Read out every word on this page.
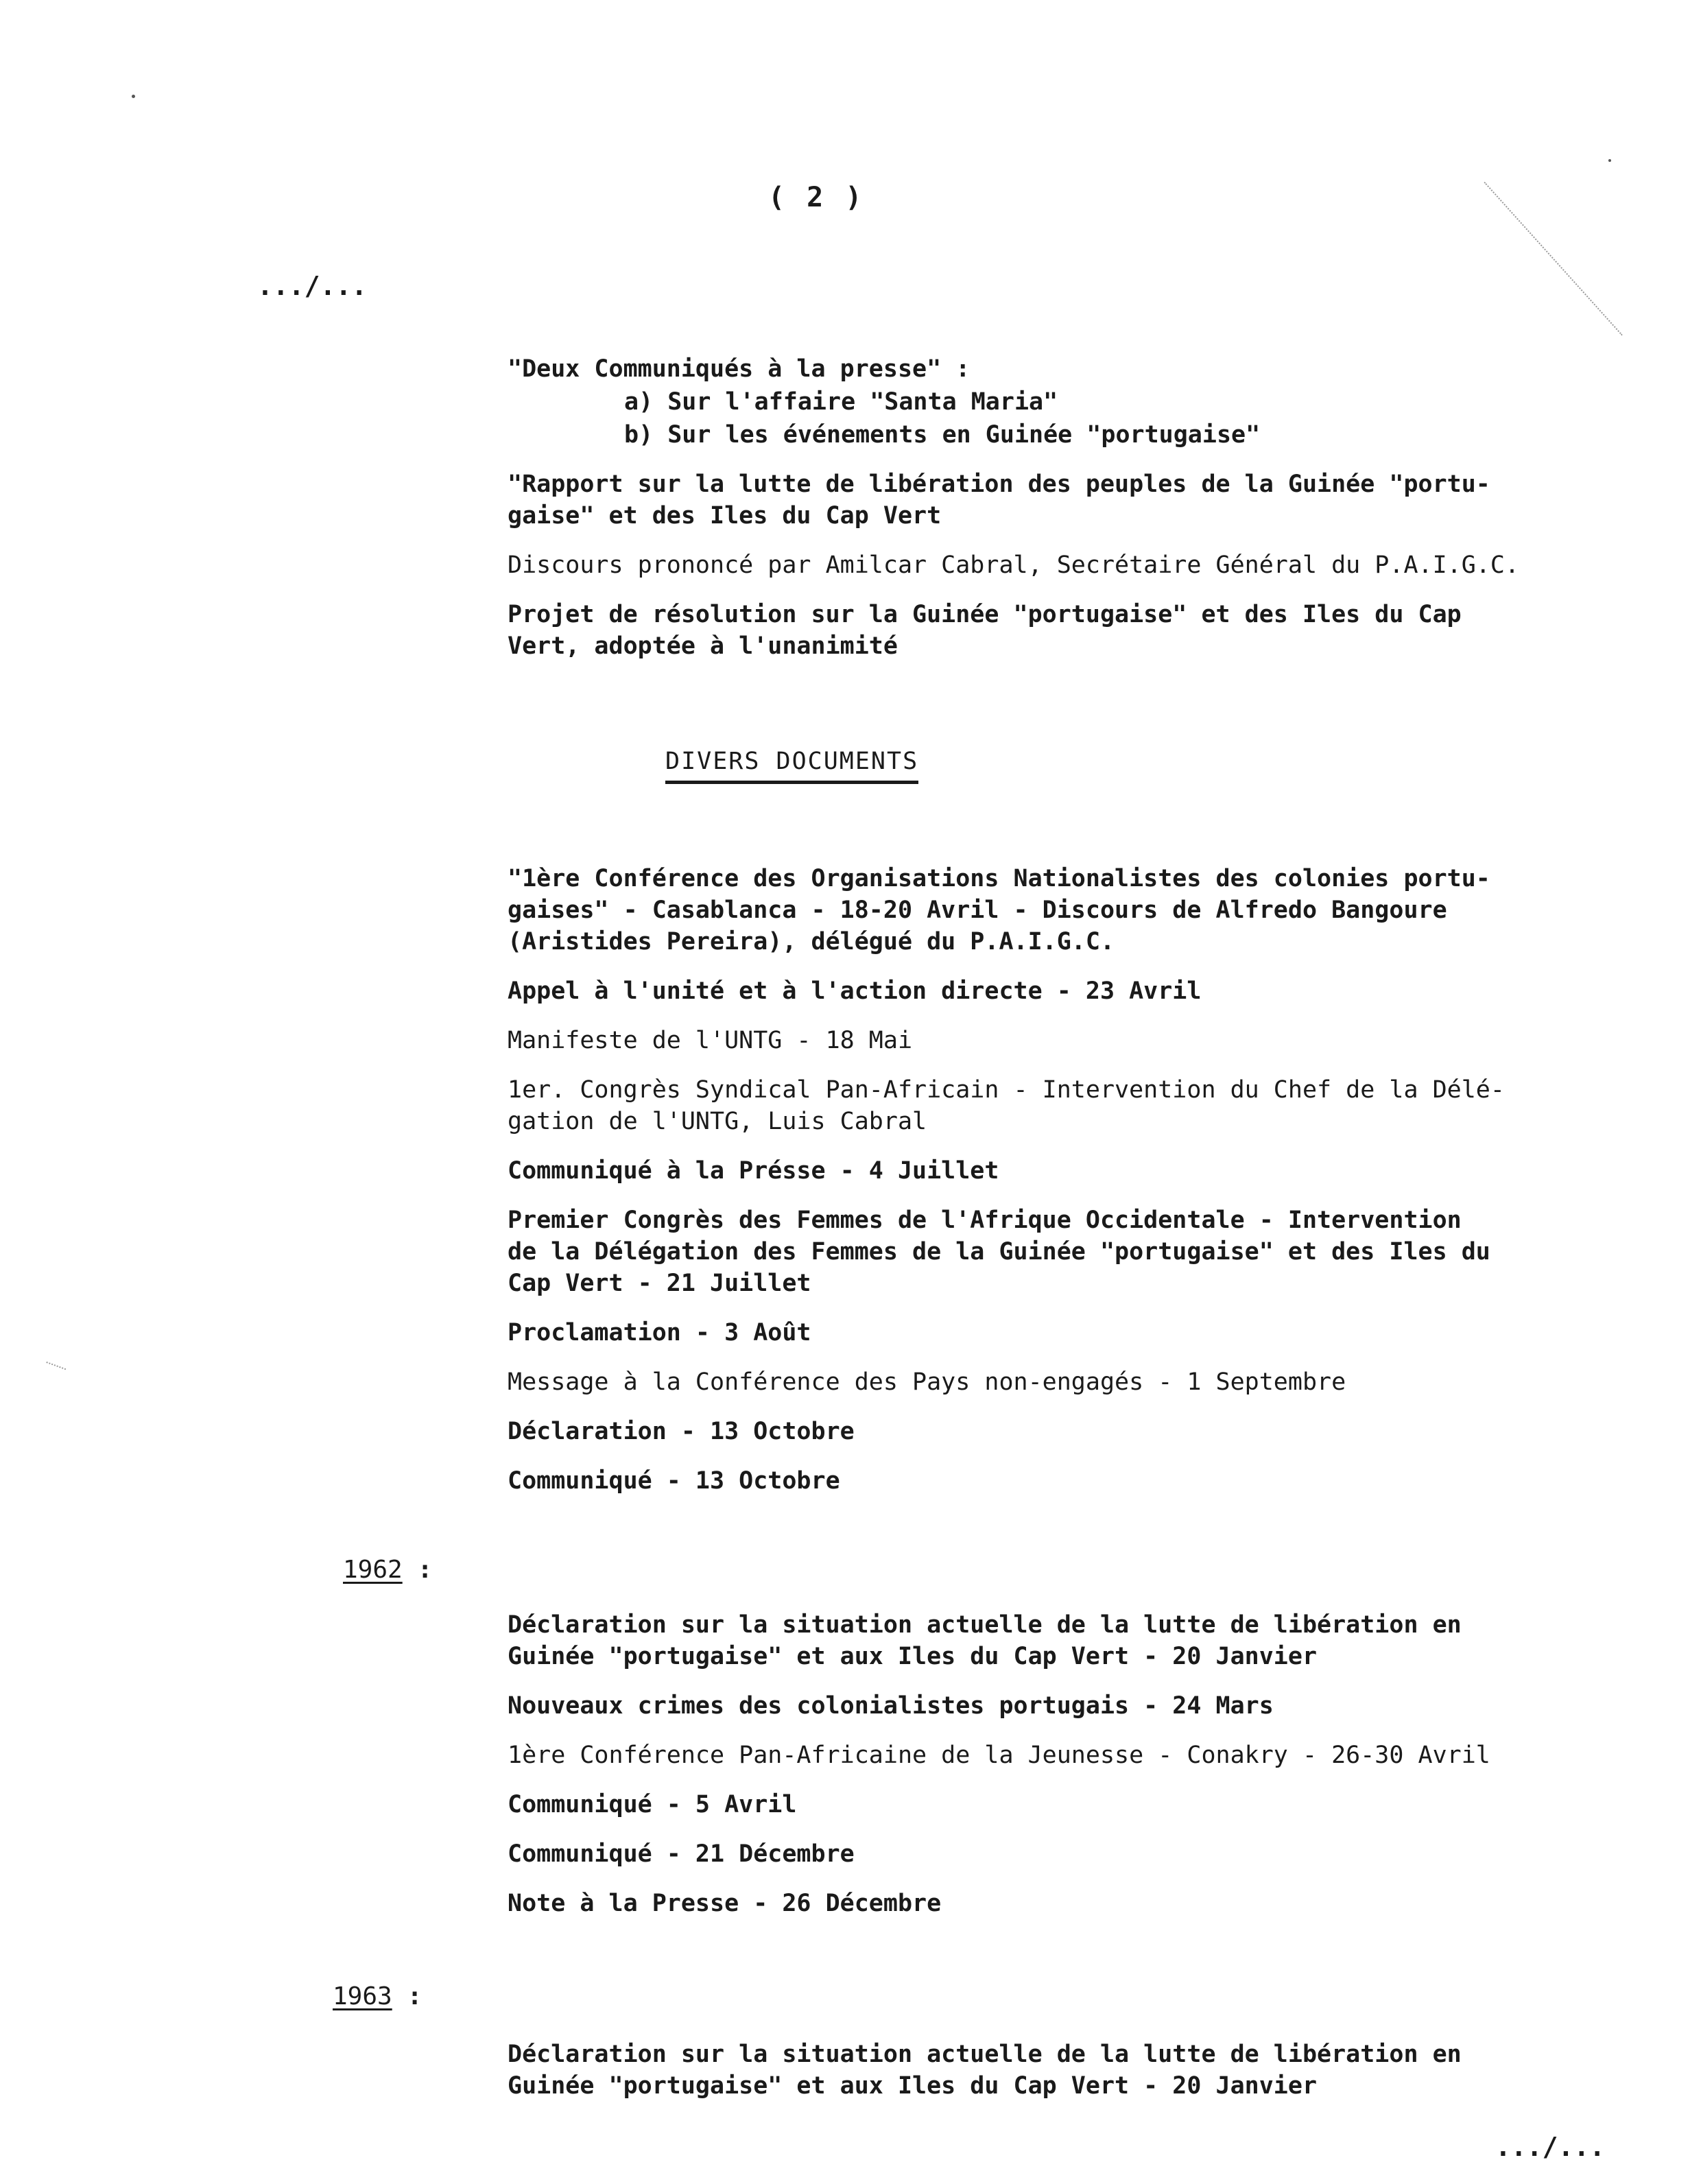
( 2 )
.../...

"Deux Communiqués à la presse" :

a) Sur l'affaire "Santa Maria"

b) Sur les événements en Guinée "portugaise"

"Rapport sur la lutte de libération des peuples de la Guinée "portu-
gaise" et des Iles du Cap Vert

Discours prononcé par Amilcar Cabral, Secrétaire Général du P.A.I.G.C.

Projet de résolution sur la Guinée "portugaise" et des Iles du Cap
Vert, adoptée à l'unanimité

DIVERS DOCUMENTS

"1ère Conférence des Organisations Nationalistes des colonies portu-
gaises" - Casablanca - 18-20 Avril - Discours de Alfredo Bangoure
(Aristides Pereira), délégué du P.A.I.G.C.

Appel à l'unité et à l'action directe - 23 Avril

Manifeste de l'UNTG - 18 Mai

1er. Congrès Syndical Pan-Africain - Intervention du Chef de la Délé-
gation de l'UNTG, Luis Cabral

Communiqué à la Présse - 4 Juillet

Premier Congrès des Femmes de l'Afrique Occidentale - Intervention
de la Délégation des Femmes de la Guinée "portugaise" et des Iles du
Cap Vert - 21 Juillet

Proclamation - 3 Août

Message à la Conférence des Pays non-engagés - 1 Septembre

Déclaration - 13 Octobre

Communiqué - 13 Octobre

1962 :

Déclaration sur la situation actuelle de la lutte de libération en
Guinée "portugaise" et aux Iles du Cap Vert - 20 Janvier

Nouveaux crimes des colonialistes portugais - 24 Mars

1ère Conférence Pan-Africaine de la Jeunesse - Conakry - 26-30 Avril

Communiqué - 5 Avril

Communiqué - 21 Décembre

Note à la Presse - 26 Décembre

1963 :

Déclaration sur la situation actuelle de la lutte de libération en
Guinée "portugaise" et aux Iles du Cap Vert - 20 Janvier

.../...
